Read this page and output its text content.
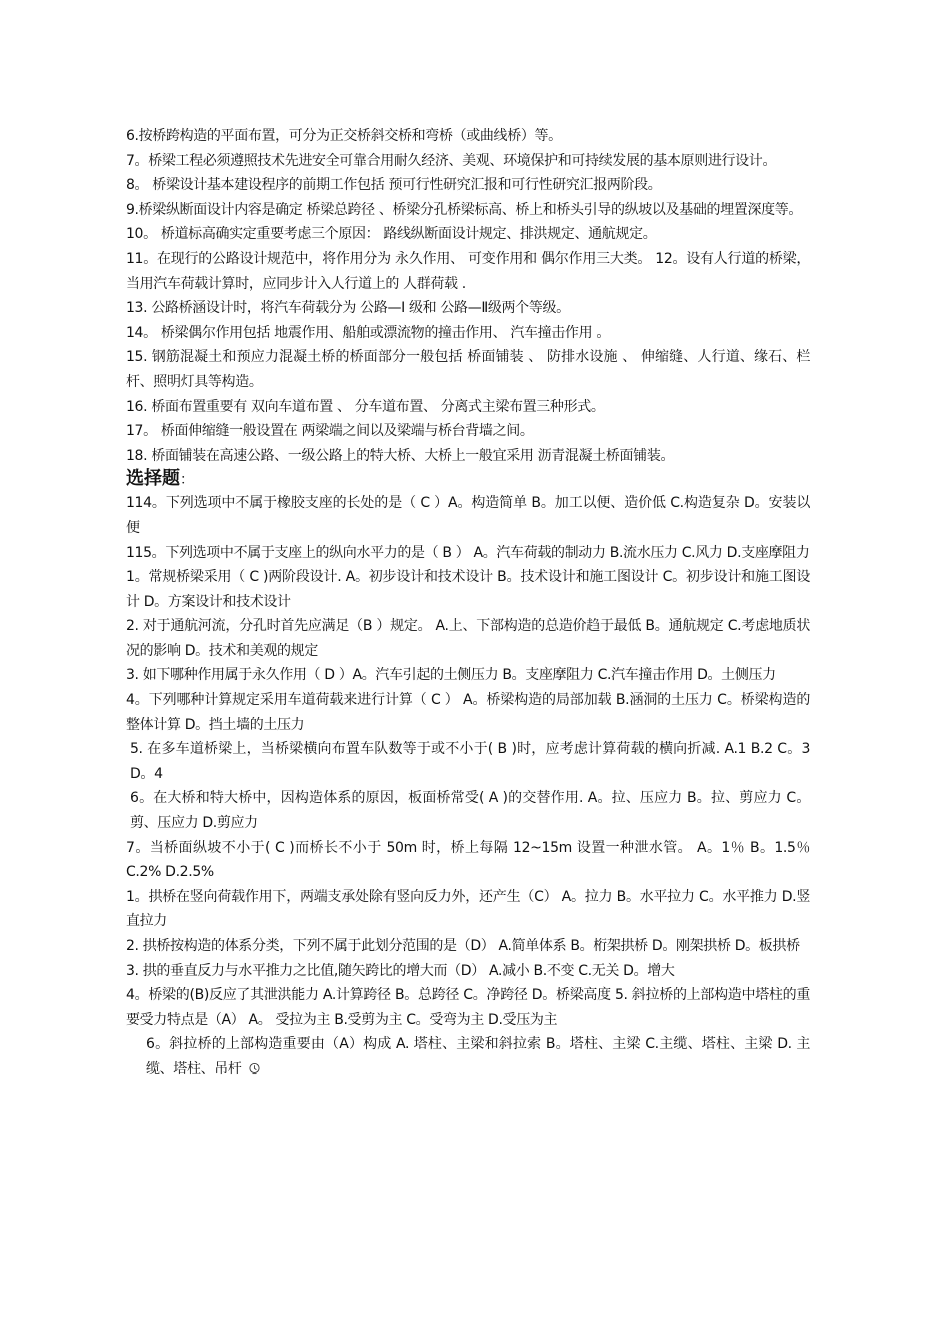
6.按桥跨构造的平面布置，可分为正交桥斜交桥和弯桥（或曲线桥）等。

7。桥梁工程必须遵照技术先进安全可靠合用耐久经济、美观、环境保护和可持续发展的基本原则进行设计。

8。 桥梁设计基本建设程序的前期工作包括 预可行性研究汇报和可行性研究汇报两阶段。

9.桥梁纵断面设计内容是确定 桥梁总跨径 、桥梁分孔桥梁标高、桥上和桥头引导的纵坡以及基础的埋置深度等。

10。 桥道标高确实定重要考虑三个原因： 路线纵断面设计规定、排洪规定、通航规定。

11。在现行的公路设计规范中，将作用分为 永久作用、 可变作用和 偶尔作用三大类。 12。设有人行道的桥梁，当用汽车荷载计算时，应同步计入人行道上的 人群荷载 .

13. 公路桥涵设计时，将汽车荷载分为 公路—I 级和 公路—Ⅱ级两个等级。

14。 桥梁偶尔作用包括 地震作用、船舶或漂流物的撞击作用、 汽车撞击作用 。

15. 钢筋混凝土和预应力混凝土桥的桥面部分一般包括 桥面铺装 、 防排水设施 、 伸缩缝、人行道、缘石、栏杆、照明灯具等构造。

16. 桥面布置重要有 双向车道布置 、 分车道布置、 分离式主梁布置三种形式。

17。 桥面伸缩缝一般设置在 两梁端之间以及梁端与桥台背墙之间。

18. 桥面铺装在高速公路、一级公路上的特大桥、大桥上一般宜采用 沥青混凝土桥面铺装。

选择题：

114。下列选项中不属于橡胶支座的长处的是（ C ）A。构造简单 B。加工以便、造价低 C.构造复杂 D。安装以便

115。下列选项中不属于支座上的纵向水平力的是（ B ） A。汽车荷载的制动力 B.流水压力 C.风力 D.支座摩阻力

1。常规桥梁采用（ C )两阶段设计. A。初步设计和技术设计 B。技术设计和施工图设计 C。初步设计和施工图设计 D。方案设计和技术设计

2. 对于通航河流，分孔时首先应满足（B ）规定。 A.上、下部构造的总造价趋于最低 B。通航规定 C.考虑地质状况的影响 D。技术和美观的规定

3. 如下哪种作用属于永久作用（ D ）A。汽车引起的土侧压力 B。支座摩阻力 C.汽车撞击作用 D。土侧压力

4。下列哪种计算规定采用车道荷载来进行计算（ C ） A。桥梁构造的局部加载 B.涵洞的土压力 C。桥梁构造的整体计算 D。挡土墙的土压力

5. 在多车道桥梁上，当桥梁横向布置车队数等于或不小于( B )时，应考虑计算荷载的横向折减. A.1 B.2 C。3 D。4

6。在大桥和特大桥中，因构造体系的原因，板面桥常受( A )的交替作用. A。拉、压应力 B。拉、剪应力 C。剪、压应力 D.剪应力

7。当桥面纵坡不小于( C )而桥长不小于 50m 时，桥上每隔 12~15m 设置一种泄水管。 A。1％ B。1.5％ C.2% D.2.5%

1。拱桥在竖向荷载作用下，两端支承处除有竖向反力外，还产生（C） A。拉力 B。水平拉力 C。水平推力 D.竖直拉力

2. 拱桥按构造的体系分类，下列不属于此划分范围的是（D） A.简单体系 B。桁架拱桥 D。刚架拱桥 D。板拱桥

3. 拱的垂直反力与水平推力之比值,随矢跨比的增大而（D） A.减小 B.不变 C.无关 D。增大

4。桥梁的(B)反应了其泄洪能力 A.计算跨径 B。总跨径 C。净跨径 D。桥梁高度 5. 斜拉桥的上部构造中塔柱的重要受力特点是（A） A。 受拉为主 B.受剪为主 C。受弯为主 D.受压为主

6。斜拉桥的上部构造重要由（A）构成 A. 塔柱、主梁和斜拉索 B。塔柱、主梁 C.主缆、塔柱、主梁 D. 主缆、塔柱、吊杆
